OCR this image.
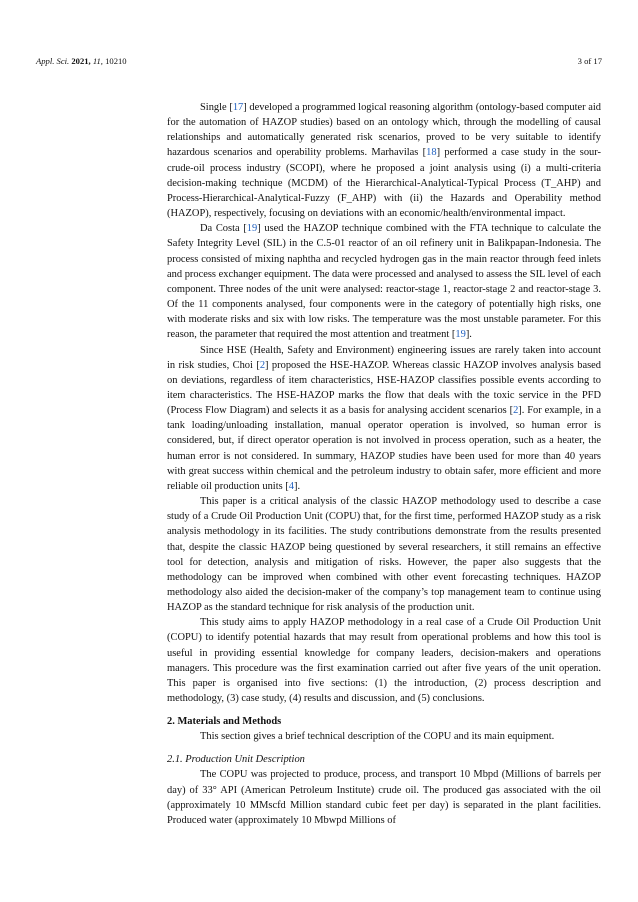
Appl. Sci. 2021, 11, 10210	3 of 17

Single [17] developed a programmed logical reasoning algorithm (ontology-based computer aid for the automation of HAZOP studies) based on an ontology which, through the modelling of causal relationships and automatically generated risk scenarios, proved to be very suitable to identify hazardous scenarios and operability problems. Marhavilas [18] performed a case study in the sour-crude-oil process industry (SCOPI), where he proposed a joint analysis using (i) a multi-criteria decision-making technique (MCDM) of the Hierarchical-Analytical-Typical Process (T_AHP) and Process-Hierarchical-Analytical-Fuzzy (F_AHP) with (ii) the Hazards and Operability method (HAZOP), respectively, focusing on deviations with an economic/health/environmental impact.

Da Costa [19] used the HAZOP technique combined with the FTA technique to calculate the Safety Integrity Level (SIL) in the C.5-01 reactor of an oil refinery unit in Balikpapan-Indonesia. The process consisted of mixing naphtha and recycled hydrogen gas in the main reactor through feed inlets and process exchanger equipment. The data were processed and analysed to assess the SIL level of each component. Three nodes of the unit were analysed: reactor-stage 1, reactor-stage 2 and reactor-stage 3. Of the 11 components analysed, four components were in the category of potentially high risks, one with moderate risks and six with low risks. The temperature was the most unstable parameter. For this reason, the parameter that required the most attention and treatment [19].

Since HSE (Health, Safety and Environment) engineering issues are rarely taken into account in risk studies, Choi [2] proposed the HSE-HAZOP. Whereas classic HAZOP involves analysis based on deviations, regardless of item characteristics, HSE-HAZOP classifies possible events according to item characteristics. The HSE-HAZOP marks the flow that deals with the toxic service in the PFD (Process Flow Diagram) and selects it as a basis for analysing accident scenarios [2]. For example, in a tank loading/unloading installation, manual operator operation is involved, so human error is considered, but, if direct operator operation is not involved in process operation, such as a heater, the human error is not considered. In summary, HAZOP studies have been used for more than 40 years with great success within chemical and the petroleum industry to obtain safer, more efficient and more reliable oil production units [4].

This paper is a critical analysis of the classic HAZOP methodology used to describe a case study of a Crude Oil Production Unit (COPU) that, for the first time, performed HAZOP study as a risk analysis methodology in its facilities. The study contributions demonstrate from the results presented that, despite the classic HAZOP being questioned by several researchers, it still remains an effective tool for detection, analysis and mitigation of risks. However, the paper also suggests that the methodology can be improved when combined with other event forecasting techniques. HAZOP methodology also aided the decision-maker of the company’s top management team to continue using HAZOP as the standard technique for risk analysis of the production unit.

This study aims to apply HAZOP methodology in a real case of a Crude Oil Production Unit (COPU) to identify potential hazards that may result from operational problems and how this tool is useful in providing essential knowledge for company leaders, decision-makers and operations managers. This procedure was the first examination carried out after five years of the unit operation. This paper is organised into five sections: (1) the introduction, (2) process description and methodology, (3) case study, (4) results and discussion, and (5) conclusions.

2. Materials and Methods

This section gives a brief technical description of the COPU and its main equipment.

2.1. Production Unit Description

The COPU was projected to produce, process, and transport 10 Mbpd (Millions of barrels per day) of 33° API (American Petroleum Institute) crude oil. The produced gas associated with the oil (approximately 10 MMscfd Million standard cubic feet per day) is separated in the plant facilities. Produced water (approximately 10 Mbwpd Millions of
